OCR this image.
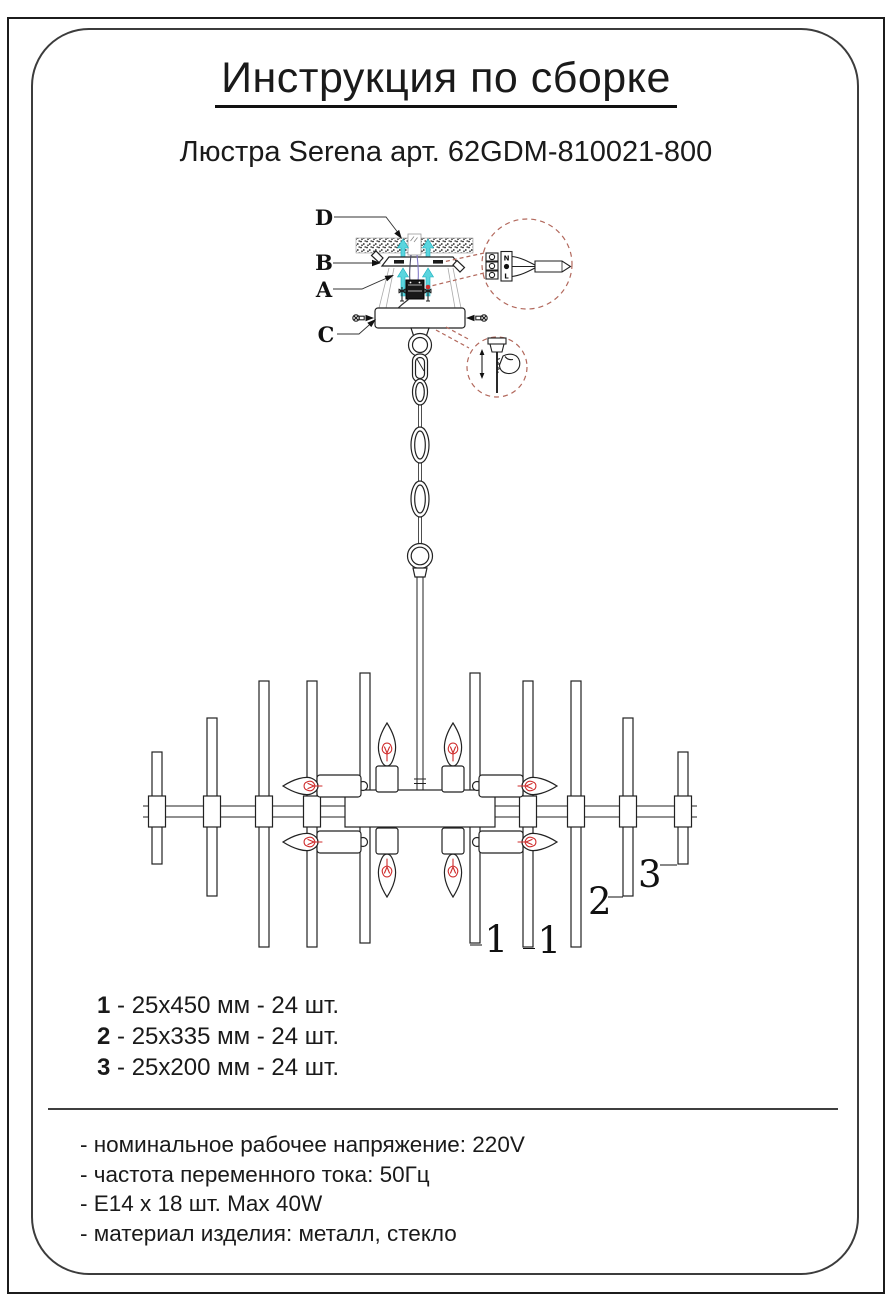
Инструкция по сборке
Люстра Serena арт. 62GDM-810021-800
D
B
A
C
N
L
1 1
2
3
1 - 25x450 мм - 24 шт.
2 - 25x335 мм - 24 шт.
3 - 25x200 мм - 24 шт.
- номинальное рабочее напряжение: 220V
- частота переменного тока: 50Гц
- E14 x 18 шт. Max 40W
- материал изделия: металл, стекло
